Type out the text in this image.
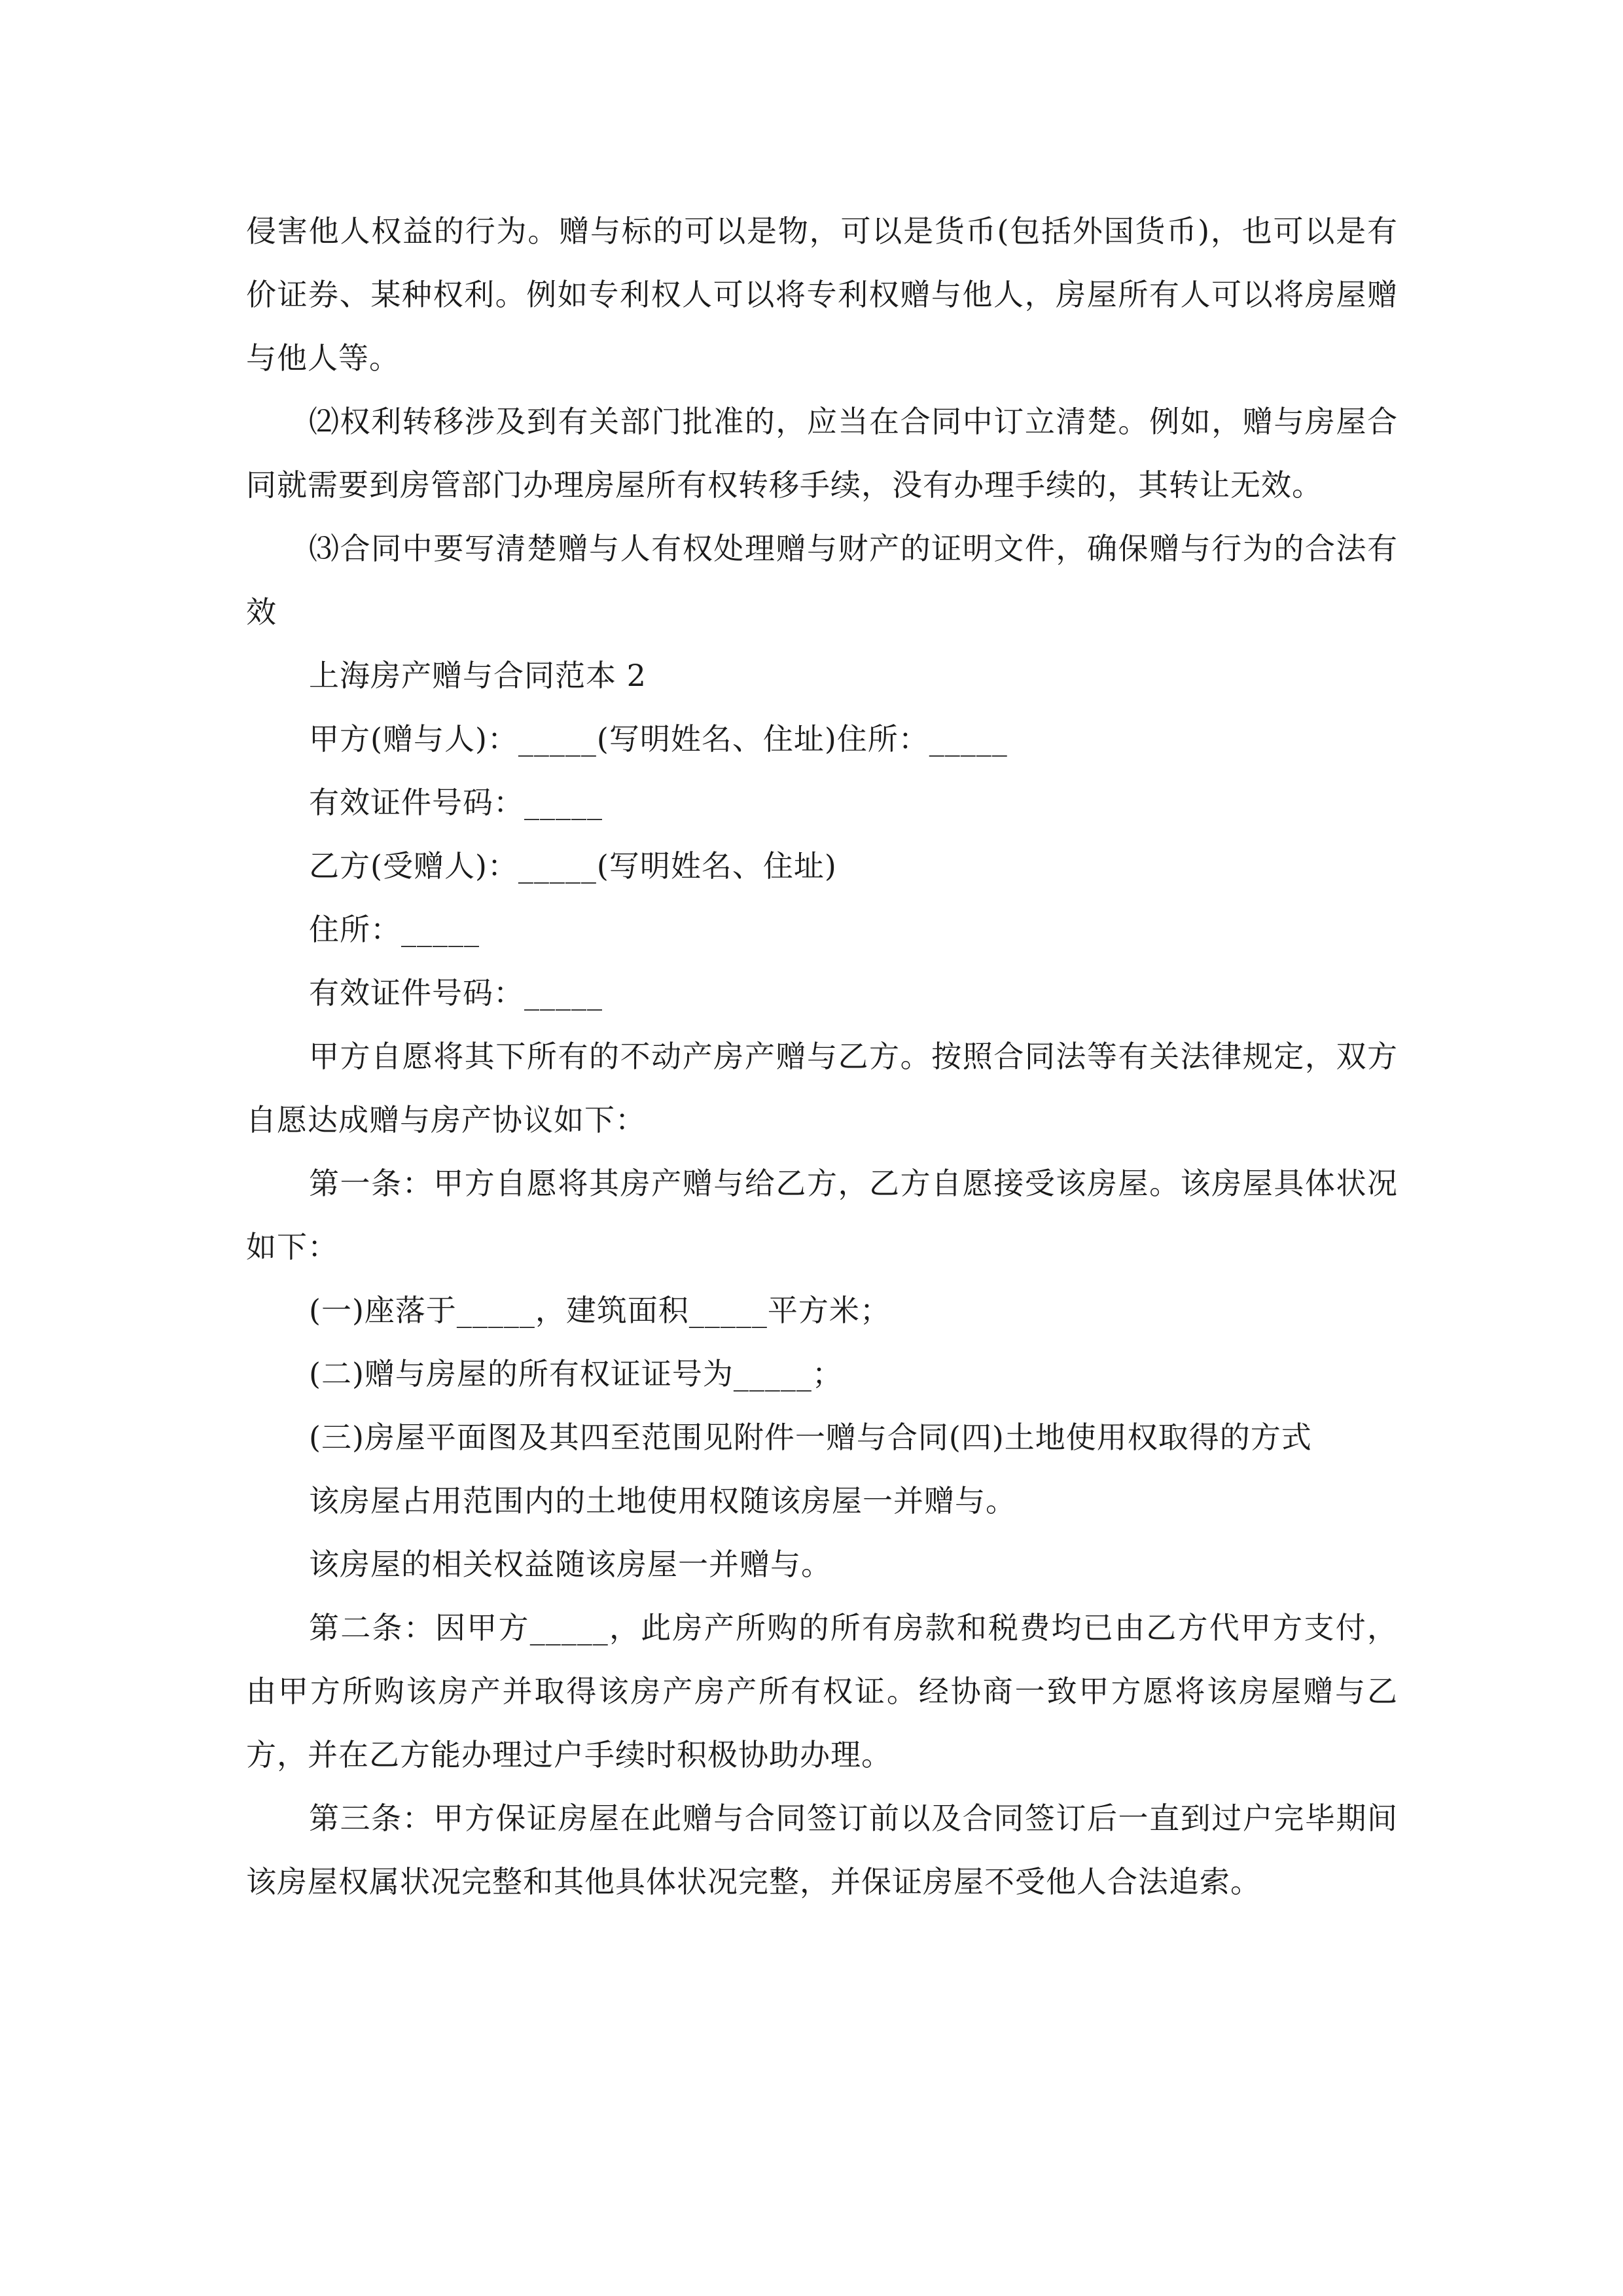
侵害他人权益的行为。赠与标的可以是物，可以是货币(包括外国货币)，也可以是有价证券、某种权利。例如专利权人可以将专利权赠与他人，房屋所有人可以将房屋赠与他人等。

⑵权利转移涉及到有关部门批准的，应当在合同中订立清楚。例如，赠与房屋合同就需要到房管部门办理房屋所有权转移手续，没有办理手续的，其转让无效。

⑶合同中要写清楚赠与人有权处理赠与财产的证明文件，确保赠与行为的合法有效

上海房产赠与合同范本 2

甲方(赠与人)：_____(写明姓名、住址)住所：_____

有效证件号码：_____

乙方(受赠人)：_____(写明姓名、住址)

住所：_____

有效证件号码：_____

甲方自愿将其下所有的不动产房产赠与乙方。按照合同法等有关法律规定，双方自愿达成赠与房产协议如下：

第一条：甲方自愿将其房产赠与给乙方，乙方自愿接受该房屋。该房屋具体状况如下：

(一)座落于_____，建筑面积_____平方米；

(二)赠与房屋的所有权证证号为_____；

(三)房屋平面图及其四至范围见附件一赠与合同(四)土地使用权取得的方式

该房屋占用范围内的土地使用权随该房屋一并赠与。

该房屋的相关权益随该房屋一并赠与。

第二条：因甲方_____，此房产所购的所有房款和税费均已由乙方代甲方支付，由甲方所购该房产并取得该房产房产所有权证。经协商一致甲方愿将该房屋赠与乙方，并在乙方能办理过户手续时积极协助办理。

第三条：甲方保证房屋在此赠与合同签订前以及合同签订后一直到过户完毕期间该房屋权属状况完整和其他具体状况完整，并保证房屋不受他人合法追索。
